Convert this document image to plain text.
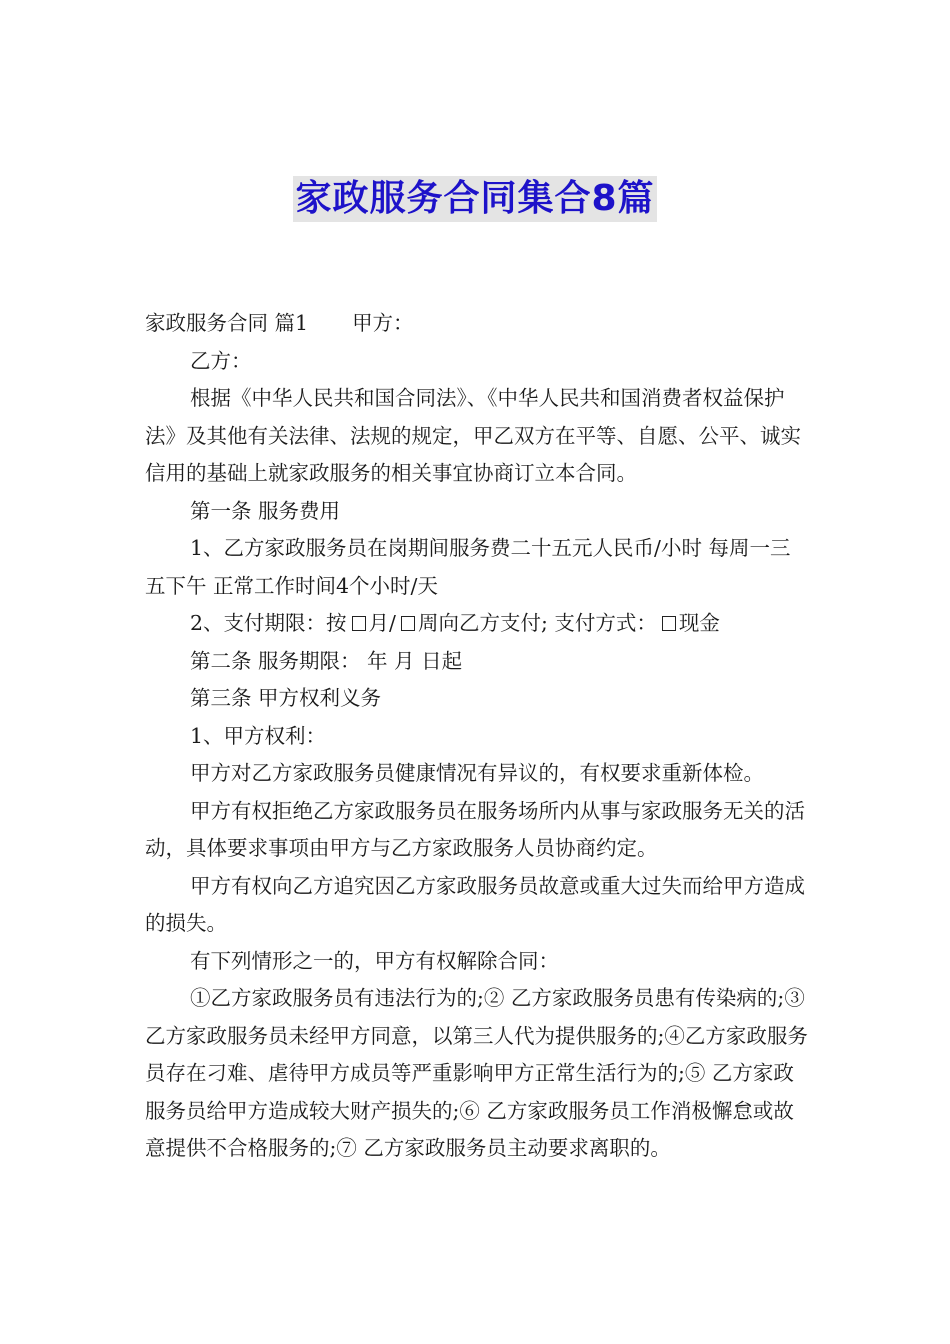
家政服务合同集合8篇

家政服务合同 篇1 甲方：

乙方：

根据《中华人民共和国合同法》、《中华人民共和国消费者权益保护法》及其他有关法律、法规的规定，甲乙双方在平等、自愿、公平、诚实信用的基础上就家政服务的相关事宜协商订立本合同。

第一条 服务费用

1、乙方家政服务员在岗期间服务费二十五元人民币/小时 每周一三五下午 正常工作时间4个小时/天

2、支付期限：按 月/ 周向乙方支付; 支付方式： 现金

第二条 服务期限： 年 月 日起

第三条 甲方权利义务

1、甲方权利：

甲方对乙方家政服务员健康情况有异议的，有权要求重新体检。

甲方有权拒绝乙方家政服务员在服务场所内从事与家政服务无关的活动，具体要求事项由甲方与乙方家政服务人员协商约定。

甲方有权向乙方追究因乙方家政服务员故意或重大过失而给甲方造成的损失。

有下列情形之一的，甲方有权解除合同：

①乙方家政服务员有违法行为的;② 乙方家政服务员患有传染病的;③ 乙方家政服务员未经甲方同意，以第三人代为提供服务的;④乙方家政服务员存在刁难、虐待甲方成员等严重影响甲方正常生活行为的;⑤ 乙方家政服务员给甲方造成较大财产损失的;⑥ 乙方家政服务员工作消极懈怠或故意提供不合格服务的;⑦ 乙方家政服务员主动要求离职的。
